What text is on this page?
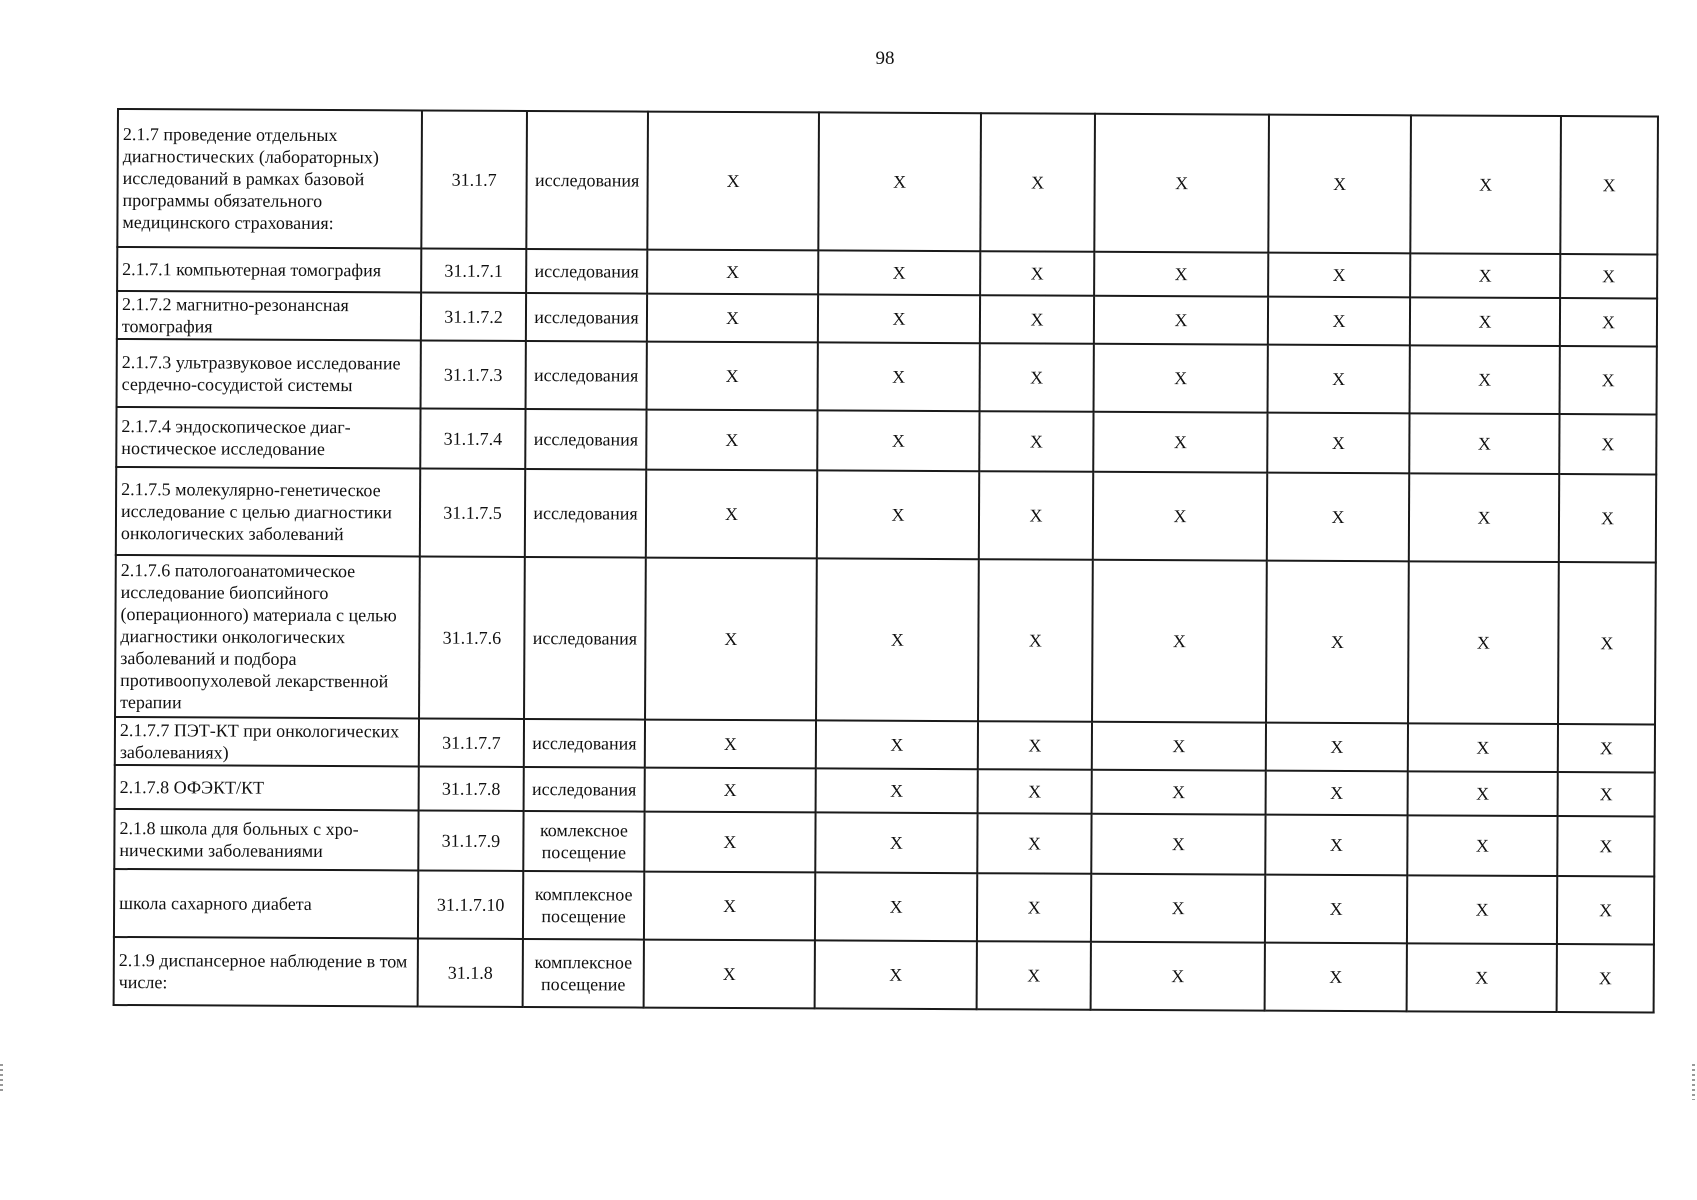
98
2.1.7 проведение отдельных диагностических (лабораторных) исследований в рамках базовой программы обязательного медицинского страхования:	31.1.7	исследования	X	X	X	X	X	X	X
2.1.7.1 компьютерная томография	31.1.7.1	исследования	X	X	X	X	X	X	X
2.1.7.2 магнитно-резонансная томография	31.1.7.2	исследования	X	X	X	X	X	X	X
2.1.7.3 ультразвуковое исследование сердечно-сосудистой системы	31.1.7.3	исследования	X	X	X	X	X	X	X
2.1.7.4 эндоскопическое диагностическое исследование	31.1.7.4	исследования	X	X	X	X	X	X	X
2.1.7.5 молекулярно-генетическое исследование с целью диагностики онкологических заболеваний	31.1.7.5	исследования	X	X	X	X	X	X	X
2.1.7.6 патологоанатомическое исследование биопсийного (операционного) материала с целью диагностики онкологических заболеваний и подбора противоопухолевой лекарственной терапии	31.1.7.6	исследования	X	X	X	X	X	X	X
2.1.7.7 ПЭТ-КТ при онкологических заболеваниях)	31.1.7.7	исследования	X	X	X	X	X	X	X
2.1.7.8 ОФЭКТ/КТ	31.1.7.8	исследования	X	X	X	X	X	X	X
2.1.8 школа для больных с хроническими заболеваниями	31.1.7.9	комлексное посещение	X	X	X	X	X	X	X
школа сахарного диабета	31.1.7.10	комплексное посещение	X	X	X	X	X	X	X
2.1.9 диспансерное наблюдение в том числе:	31.1.8	комплексное посещение	X	X	X	X	X	X	X
